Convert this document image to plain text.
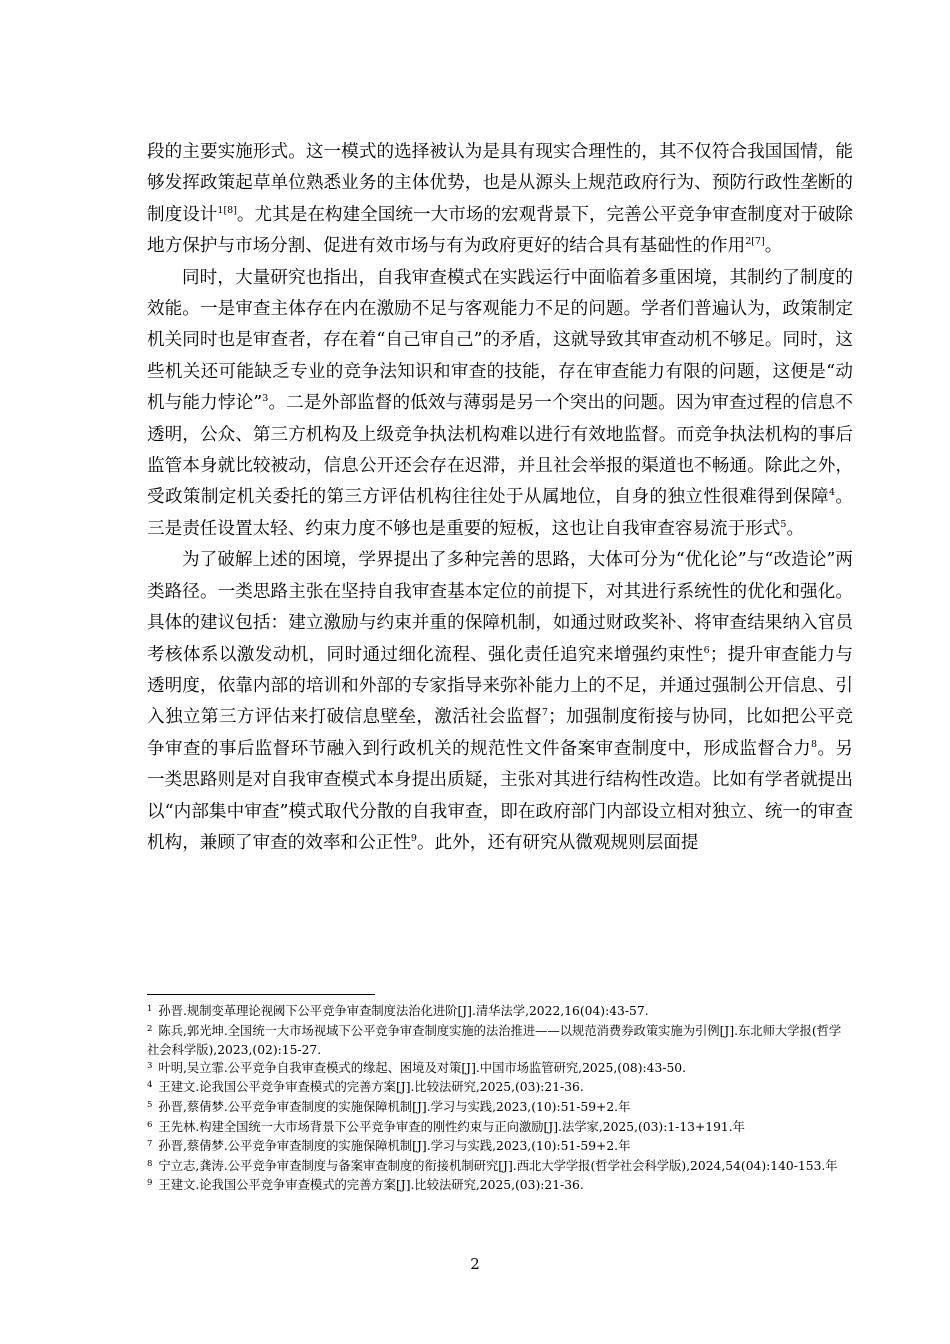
段的主要实施形式。这一模式的选择被认为是具有现实合理性的，其不仅符合我国国情，能够发挥政策起草单位熟悉业务的主体优势，也是从源头上规范政府行为、预防行政性垄断的制度设计$^{1[8]}$。尤其是在构建全国统一大市场的宏观背景下，完善公平竞争审查制度对于破除地方保护与市场分割、促进有效市场与有为政府更好的结合具有基础性的作用$^{2[7]}$。

同时，大量研究也指出，自我审查模式在实践运行中面临着多重困境，其制约了制度的效能。一是审查主体存在内在激励不足与客观能力不足的问题。学者们普遍认为，政策制定机关同时也是审查者，存在着“自己审自己”的矛盾，这就导致其审查动机不够足。同时，这些机关还可能缺乏专业的竞争法知识和审查的技能，存在审查能力有限的问题，这便是“动机与能力悖论”$^3$。二是外部监督的低效与薄弱是另一个突出的问题。因为审查过程的信息不透明，公众、第三方机构及上级竞争执法机构难以进行有效地监督。而竞争执法机构的事后监管本身就比较被动，信息公开还会存在迟滞，并且社会举报的渠道也不畅通。除此之外，受政策制定机关委托的第三方评估机构往往处于从属地位，自身的独立性很难得到保障$^4$。三是责任设置太轻、约束力度不够也是重要的短板，这也让自我审查容易流于形式$^5$。

为了破解上述的困境，学界提出了多种完善的思路，大体可分为“优化论”与“改造论”两类路径。一类思路主张在坚持自我审查基本定位的前提下，对其进行系统性的优化和强化。具体的建议包括：建立激励与约束并重的保障机制，如通过财政奖补、将审查结果纳入官员考核体系以激发动机，同时通过细化流程、强化责任追究来增强约束性$^6$；提升审查能力与透明度，依靠内部的培训和外部的专家指导来弥补能力上的不足，并通过强制公开信息、引入独立第三方评估来打破信息壁垒，激活社会监督$^7$；加强制度衔接与协同，比如把公平竞争审查的事后监督环节融入到行政机关的规范性文件备案审查制度中，形成监督合力$^8$。另一类思路则是对自我审查模式本身提出质疑，主张对其进行结构性改造。比如有学者就提出以“内部集中审查”模式取代分散的自我审查，即在政府部门内部设立相对独立、统一的审查机构，兼顾了审查的效率和公正性$^9$。此外，还有研究从微观规则层面提

$^1$ 孙晋.规制变革理论视阈下公平竞争审查制度法治化进阶[J].清华法学,2022,16(04):43-57.
$^2$ 陈兵,郭光坤.全国统一大市场视域下公平竞争审查制度实施的法治推进——以规范消费券政策实施为引例[J].东北师大学报(哲学社会科学版),2023,(02):15-27.
$^3$ 叶明,吴立霏.公平竞争自我审查模式的缘起、困境及对策[J].中国市场监管研究,2025,(08):43-50.
$^4$ 王建文.论我国公平竞争审查模式的完善方案[J].比较法研究,2025,(03):21-36.
$^5$ 孙晋,蔡倩梦.公平竞争审查制度的实施保障机制[J].学习与实践,2023,(10):51-59+2.年
$^6$ 王先林.构建全国统一大市场背景下公平竞争审查的刚性约束与正向激励[J].法学家,2025,(03):1-13+191.年
$^7$ 孙晋,蔡倩梦.公平竞争审查制度的实施保障机制[J].学习与实践,2023,(10):51-59+2.年
$^8$ 宁立志,龚涛.公平竞争审查制度与备案审查制度的衔接机制研究[J].西北大学学报(哲学社会科学版),2024,54(04):140-153.年
$^9$ 王建文.论我国公平竞争审查模式的完善方案[J].比较法研究,2025,(03):21-36.
2
